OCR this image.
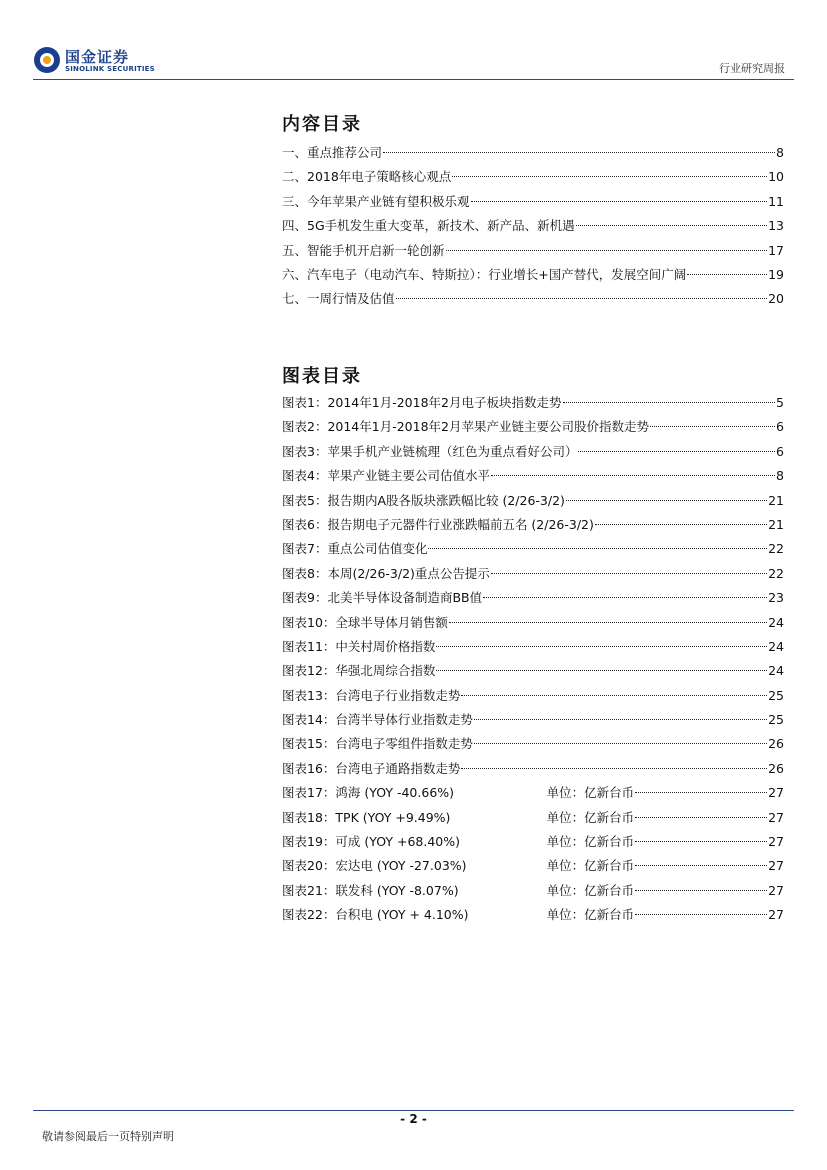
国金证券
SINOLINK SECURITIES	行业研究周报
内容目录
一、重点推荐公司	8
二、2018年电子策略核心观点	10
三、今年苹果产业链有望积极乐观	11
四、5G手机发生重大变革，新技术、新产品、新机遇	13
五、智能手机开启新一轮创新	17
六、汽车电子（电动汽车、特斯拉）：行业增长+国产替代，发展空间广阔	19
七、一周行情及估值	20
图表目录
图表1：2014年1月-2018年2月电子板块指数走势	5
图表2：2014年1月-2018年2月苹果产业链主要公司股价指数走势	6
图表3：苹果手机产业链梳理（红色为重点看好公司）	6
图表4：苹果产业链主要公司估值水平	8
图表5：报告期内A股各版块涨跌幅比较 (2/26-3/2)	21
图表6：报告期电子元器件行业涨跌幅前五名 (2/26-3/2)	21
图表7：重点公司估值变化	22
图表8：本周(2/26-3/2)重点公告提示	22
图表9：北美半导体设备制造商BB值	23
图表10：全球半导体月销售额	24
图表11：中关村周价格指数	24
图表12：华强北周综合指数	24
图表13：台湾电子行业指数走势	25
图表14：台湾半导体行业指数走势	25
图表15：台湾电子零组件指数走势	26
图表16：台湾电子通路指数走势	26
图表17：鸿海 (YOY -40.66%)	单位：亿新台币	27
图表18：TPK (YOY +9.49%)	单位：亿新台币	27
图表19：可成 (YOY +68.40%)	单位：亿新台币	27
图表20：宏达电 (YOY -27.03%)	单位：亿新台币	27
图表21：联发科 (YOY -8.07%)	单位：亿新台币	27
图表22：台积电 (YOY + 4.10%)	单位：亿新台币	27
- 2 -
敬请参阅最后一页特别声明
